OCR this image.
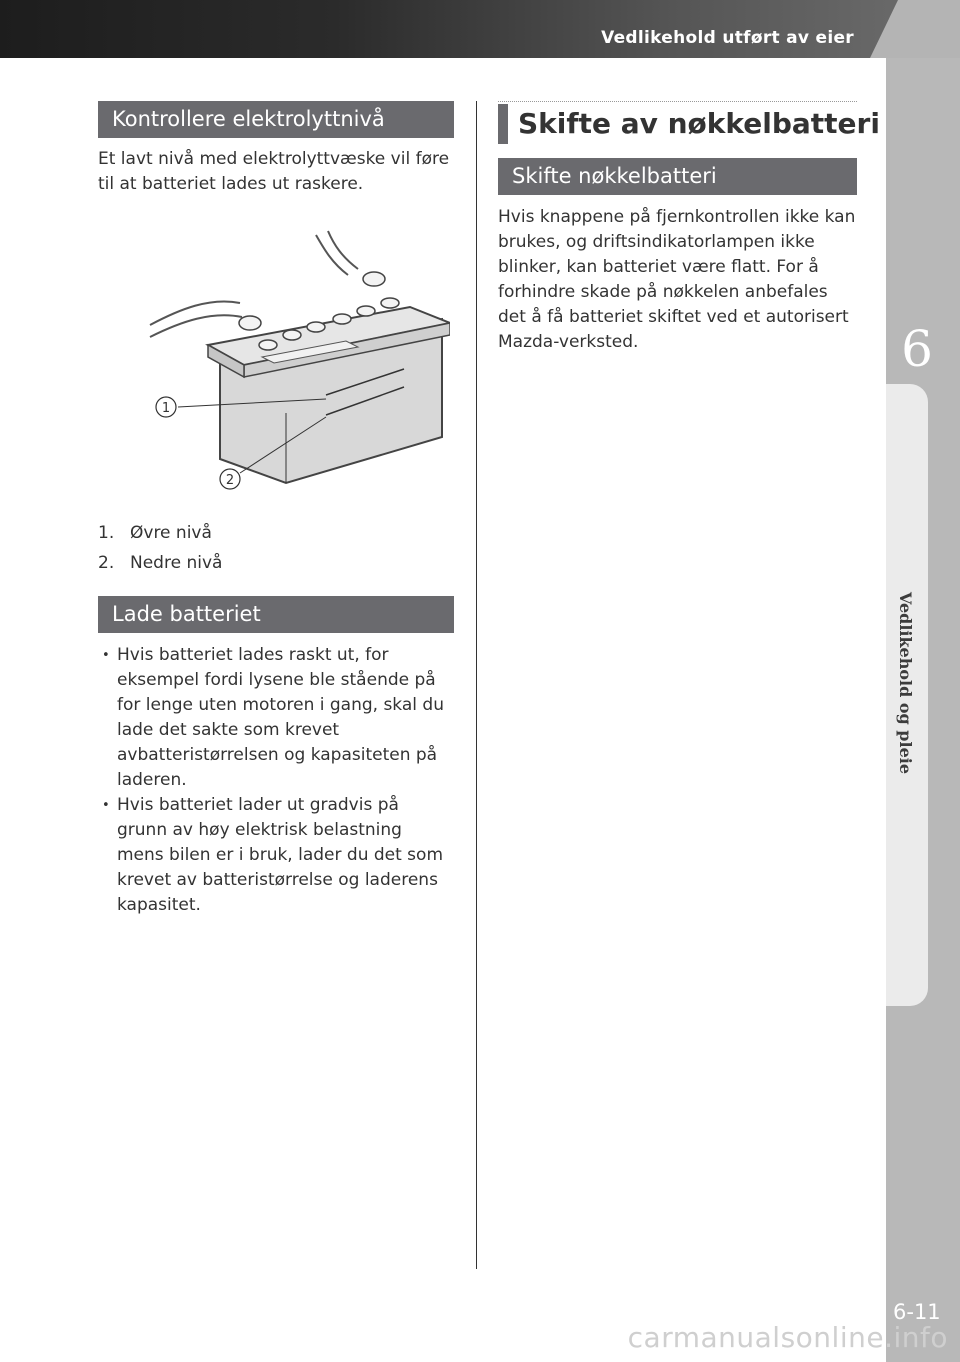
Vedlikehold utført av eier
6
Vedlikehold og pleie
6-11
carmanualsonline.info
Kontrollere elektrolyttnivå

Et lavt nivå med elektrolyttvæske vil føre til at batteriet lades ut raskere.

1
2
1. Øvre nivå
2. Nedre nivå
Lade batteriet
• Hvis batteriet lades raskt ut, for eksempel fordi lysene ble stående på for lenge uten motoren i gang, skal du lade det sakte som krevet avbatteristørrelsen og kapasiteten på laderen.
• Hvis batteriet lader ut gradvis på grunn av høy elektrisk belastning mens bilen er i bruk, lader du det som krevet av batteristørrelse og laderens kapasitet.
Skifte av nøkkelbatteri
Skifte nøkkelbatteri

Hvis knappene på fjernkontrollen ikke kan brukes, og driftsindikatorlampen ikke blinker, kan batteriet være flatt. For å forhindre skade på nøkkelen anbefales det å få batteriet skiftet ved et autorisert Mazda-verksted.
